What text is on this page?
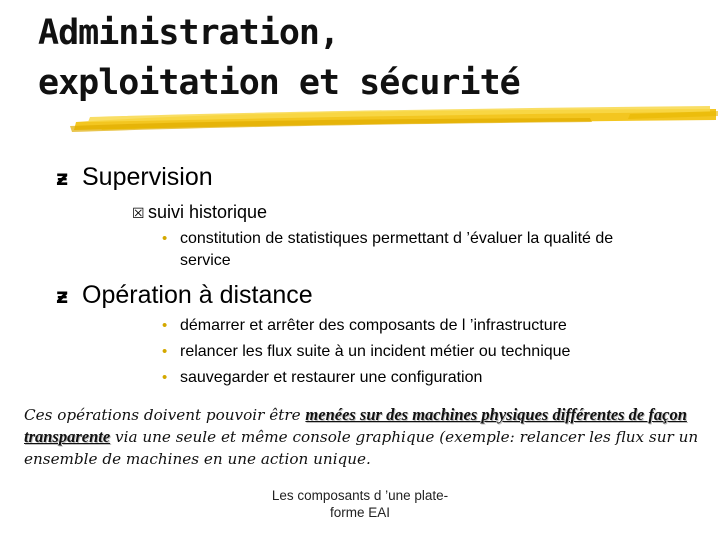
Administration,
exploitation et sécurité
ƶ Supervision
☒ suivi historique
• constitution de statistiques permettant d ’évaluer la qualité de
service
ƶ Opération à distance
• démarrer et arrêter des composants de l ’infrastructure
• relancer les flux suite à un incident métier ou technique
• sauvegarder et restaurer une configuration
Ces opérations doivent pouvoir être menées sur des machines physiques différentes de façon transparente via une seule et même console graphique (exemple: relancer les flux sur un ensemble de machines en une action unique.
Les composants d ’une plate-
forme EAI
